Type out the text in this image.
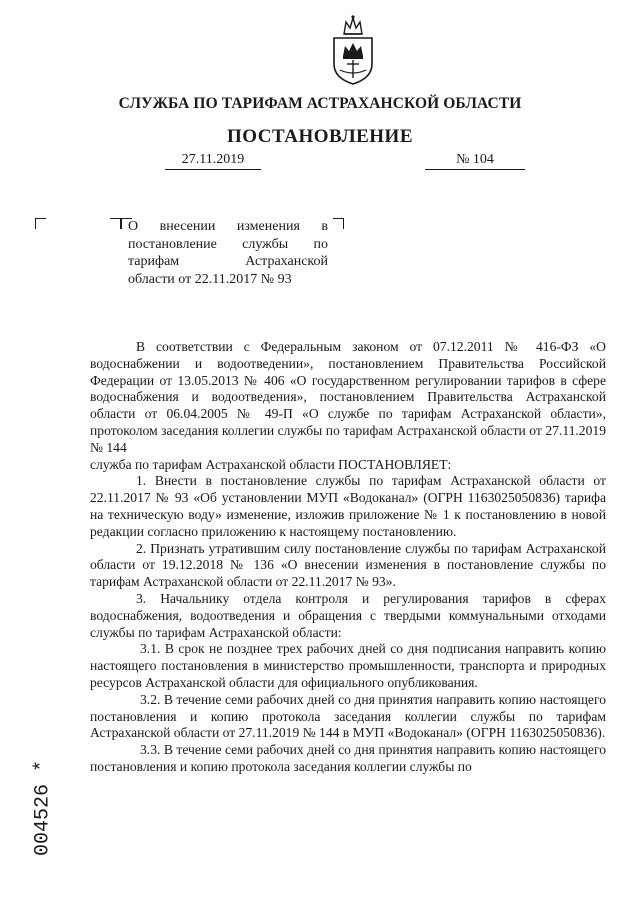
СЛУЖБА ПО ТАРИФАМ АСТРАХАНСКОЙ ОБЛАСТИ
ПОСТАНОВЛЕНИЕ
27.11.2019	№ 104
О внесении изменения в
постановление службы по
тарифам Астраханской
области от 22.11.2017 № 93

В соответствии с Федеральным законом от 07.12.2011 № 416-ФЗ «О водоснабжении и водоотведении», постановлением Правительства Российской Федерации от 13.05.2013 № 406 «О государственном регулировании тарифов в сфере водоснабжения и водоотведения», постановлением Правительства Астраханской области от 06.04.2005 № 49-П «О службе по тарифам Астраханской области», протоколом заседания коллегии службы по тарифам Астраханской области от 27.11.2019 № 144

служба по тарифам Астраханской области ПОСТАНОВЛЯЕТ:

1. Внести в постановление службы по тарифам Астраханской области от 22.11.2017 № 93 «Об установлении МУП «Водоканал» (ОГРН 1163025050836) тарифа на техническую воду» изменение, изложив приложение № 1 к постановлению в новой редакции согласно приложению к настоящему постановлению.

2. Признать утратившим силу постановление службы по тарифам Астраханской области от 19.12.2018 № 136 «О внесении изменения в постановление службы по тарифам Астраханской области от 22.11.2017 № 93».

3. Начальнику отдела контроля и регулирования тарифов в сферах водоснабжения, водоотведения и обращения с твердыми коммунальными отходами службы по тарифам Астраханской области:

3.1. В срок не позднее трех рабочих дней со дня подписания направить копию настоящего постановления в министерство промышленности, транспорта и природных ресурсов Астраханской области для официального опубликования.

3.2. В течение семи рабочих дней со дня принятия направить копию настоящего постановления и копию протокола заседания коллегии службы по тарифам Астраханской области от 27.11.2019 № 144 в МУП «Водоканал» (ОГРН 1163025050836).

3.3. В течение семи рабочих дней со дня принятия направить копию настоящего постановления и копию протокола заседания коллегии службы по

004526 *
